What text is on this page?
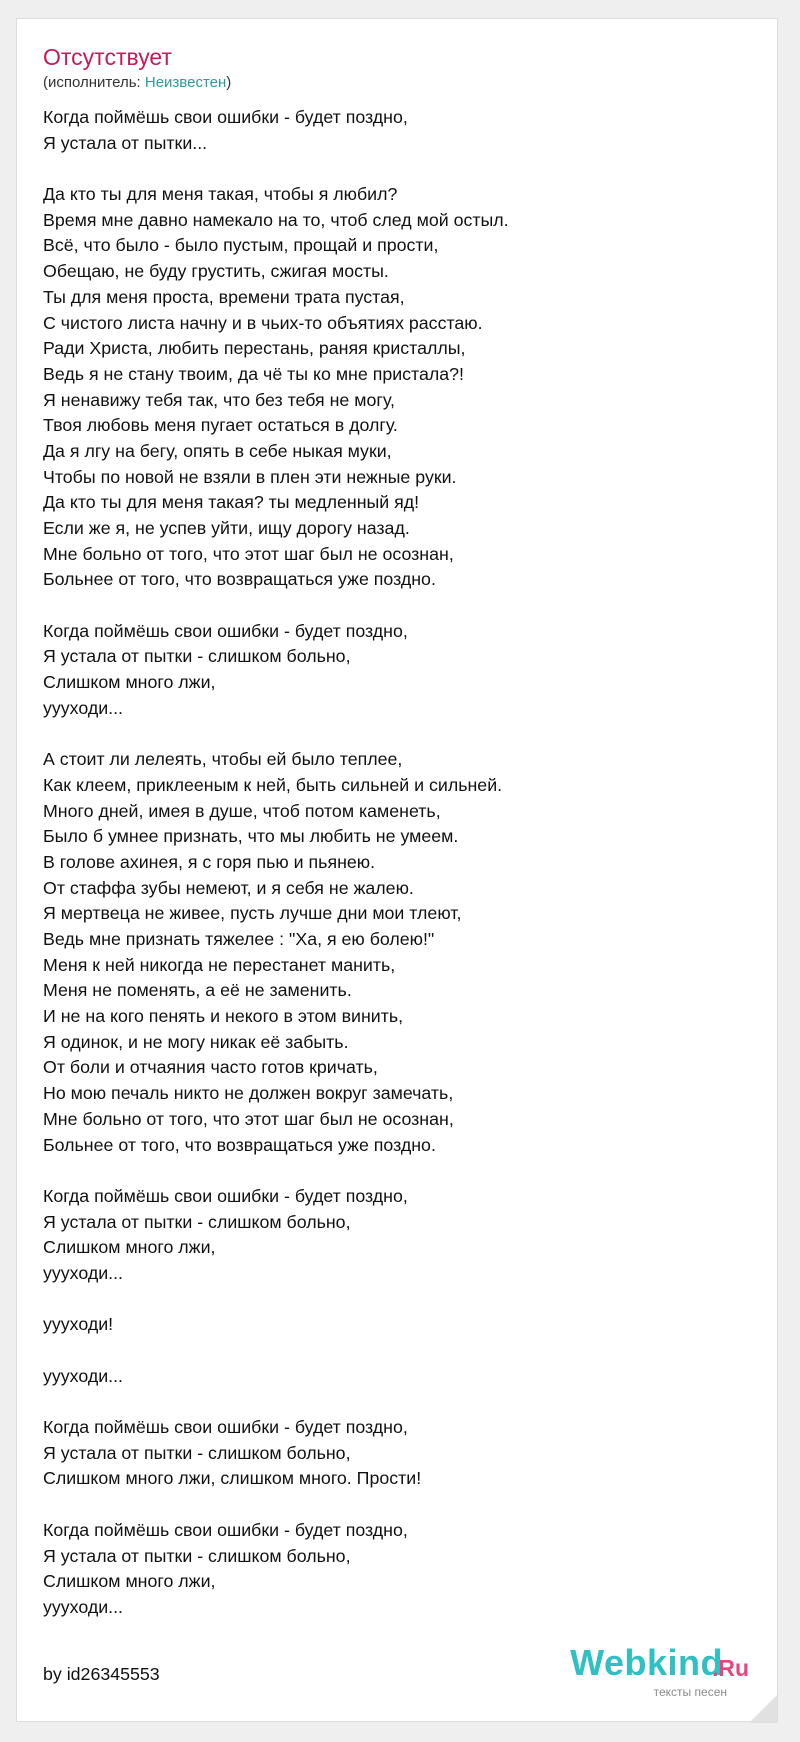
Отсутствует
(исполнитель: Неизвестен)
Когда поймёшь свои ошибки - будет поздно,
Я устала от пытки...
Да кто ты для меня такая, чтобы я любил?
Время мне давно намекало на то, чтоб след мой остыл.
Всё, что было - было пустым, прощай и прости,
Обещаю, не буду грустить, сжигая мосты.
Ты для меня проста, времени трата пустая,
С чистого листа начну и в чьих-то объятиях расстаю.
Ради Христа, любить перестань, раняя кристаллы,
Ведь я не стану твоим, да чё ты ко мне пристала?!
Я ненавижу тебя так, что без тебя не могу,
Твоя любовь меня пугает остаться в долгу.
Да я лгу на бегу, опять в себе ныкая муки,
Чтобы по новой не взяли в плен эти нежные руки.
Да кто ты для меня такая? ты медленный яд!
Если же я, не успев уйти, ищу дорогу назад.
Мне больно от того, что этот шаг был не осознан,
Больнее от того, что возвращаться уже поздно.
Когда поймёшь свои ошибки - будет поздно,
Я устала от пытки - слишком больно,
Слишком много лжи,
уууходи...
А стоит ли лелеять, чтобы ей было теплее,
Как клеем, приклееным к ней, быть сильней и сильней.
Много дней, имея в душе, чтоб потом каменеть,
Было б умнее признать, что мы любить не умеем.
В голове ахинея, я с горя пью и пьянею.
От стаффа зубы немеют, и я себя не жалею.
Я мертвеца не живее, пусть лучше дни мои тлеют,
Ведь мне признать тяжелее : "Ха, я ею болею!"
Меня к ней никогда не перестанет манить,
Меня не поменять, а её не заменить.
И не на кого пенять и некого в этом винить,
Я одинок, и не могу никак её забыть.
От боли и отчаяния часто готов кричать,
Но мою печаль никто не должен вокруг замечать,
Мне больно от того, что этот шаг был не осознан,
Больнее от того, что возвращаться уже поздно.
Когда поймёшь свои ошибки - будет поздно,
Я устала от пытки - слишком больно,
Слишком много лжи,
уууходи...
уууходи!
уууходи...
Когда поймёшь свои ошибки - будет поздно,
Я устала от пытки - слишком больно,
Слишком много лжи, слишком много. Прости!
Когда поймёшь свои ошибки - будет поздно,
Я устала от пытки - слишком больно,
Слишком много лжи,
уууходи...
by id26345553	Webkind
.Ru
тексты песен
